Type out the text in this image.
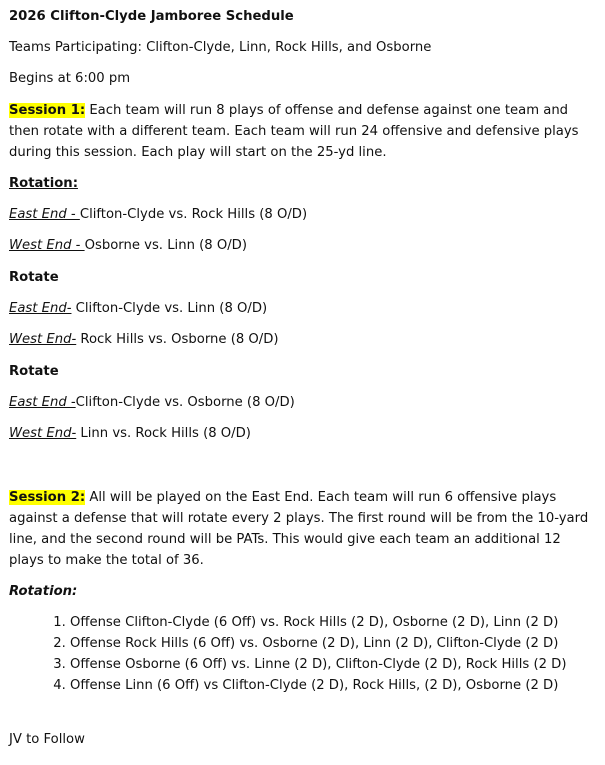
2026 Clifton-Clyde Jamboree Schedule
Teams Participating: Clifton-Clyde, Linn, Rock Hills, and Osborne
Begins at 6:00 pm
Session 1: Each team will run 8 plays of offense and defense against one team and then rotate with a different team. Each team will run 24 offensive and defensive plays during this session. Each play will start on the 25-yd line.
Rotation:
East End - Clifton-Clyde vs. Rock Hills (8 O/D)
West End - Osborne vs. Linn (8 O/D)
Rotate
East End- Clifton-Clyde vs. Linn (8 O/D)
West End- Rock Hills vs. Osborne (8 O/D)
Rotate
East End -Clifton-Clyde vs. Osborne (8 O/D)
West End- Linn vs. Rock Hills (8 O/D)
Session 2: All will be played on the East End. Each team will run 6 offensive plays against a defense that will rotate every 2 plays. The first round will be from the 10-yard line, and the second round will be PATs. This would give each team an additional 12 plays to make the total of 36.
Rotation:
1. Offense Clifton-Clyde (6 Off) vs. Rock Hills (2 D), Osborne (2 D), Linn (2 D)
2. Offense Rock Hills (6 Off) vs. Osborne (2 D), Linn (2 D), Clifton-Clyde (2 D)
3. Offense Osborne (6 Off) vs. Linne (2 D), Clifton-Clyde (2 D), Rock Hills (2 D)
4. Offense Linn (6 Off) vs Clifton-Clyde (2 D), Rock Hills, (2 D), Osborne (2 D)
JV to Follow
